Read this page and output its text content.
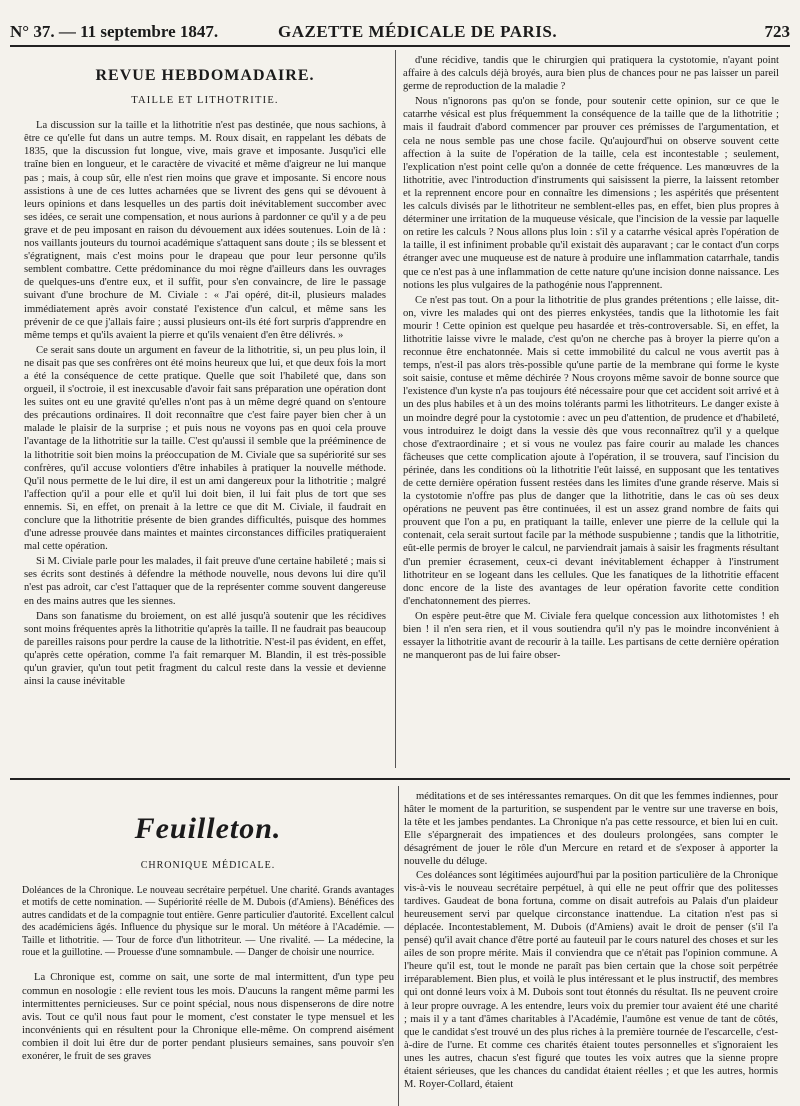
N° 37. — 11 septembre 1847.	GAZETTE MÉDICALE DE PARIS.	723
REVUE HEBDOMADAIRE.
TAILLE ET LITHOTRITIE.

La discussion sur la taille et la lithotritie n'est pas destinée, que nous sachions, à être ce qu'elle fut dans un autre temps. M. Roux disait, en rappelant les débats de 1835, que la discussion fut longue, vive, mais grave et imposante. Jusqu'ici elle traîne bien en longueur, et le caractère de vivacité et même d'aigreur ne lui manque pas ; mais, à coup sûr, elle n'est rien moins que grave et imposante. Si encore nous assistions à une de ces luttes acharnées que se livrent des gens qui se dévouent à leurs opinions et dans lesquelles un des partis doit inévitablement succomber avec ses idées, ce serait une compensation, et nous aurions à pardonner ce qu'il y a de peu grave et de peu imposant en raison du dévouement aux idées soutenues. Loin de là : nos vaillants jouteurs du tournoi académique s'attaquent sans doute ; ils se blessent et s'égratignent, mais c'est moins pour le drapeau que pour leur personne qu'ils semblent combattre. Cette prédominance du moi règne d'ailleurs dans les ouvrages de quelques-uns d'entre eux, et il suffit, pour s'en convaincre, de lire le passage suivant d'une brochure de M. Civiale : « J'ai opéré, dit-il, plusieurs malades immédiatement après avoir constaté l'existence d'un calcul, et même sans les prévenir de ce que j'allais faire ; aussi plusieurs ont-ils été fort surpris d'apprendre en même temps et qu'ils avaient la pierre et qu'ils venaient d'en être délivrés. »

Ce serait sans doute un argument en faveur de la lithotritie, si, un peu plus loin, il ne disait pas que ses confrères ont été moins heureux que lui, et que deux fois la mort a été la conséquence de cette pratique. Quelle que soit l'habileté que, dans son orgueil, il s'octroie, il est inexcusable d'avoir fait sans préparation une opération dont les suites ont eu une gravité qu'elles n'ont pas à un même degré quand on s'entoure des précautions ordinaires. Il doit reconnaître que c'est faire payer bien cher à un malade le plaisir de la surprise ; et puis nous ne voyons pas en quoi cela prouve l'avantage de la lithotritie sur la taille. C'est qu'aussi il semble que la prééminence de la lithotritie soit bien moins la préoccupation de M. Civiale que sa supériorité sur ses confrères, qu'il accuse volontiers d'être inhabiles à pratiquer la nouvelle méthode. Qu'il nous permette de le lui dire, il est un ami dangereux pour la lithotritie ; malgré l'affection qu'il a pour elle et qu'il lui doit bien, il lui fait plus de tort que ses ennemis. Si, en effet, on prenait à la lettre ce que dit M. Civiale, il faudrait en conclure que la lithotritie présente de bien grandes difficultés, puisque des hommes d'une adresse prouvée dans maintes et maintes circonstances difficiles pratiqueraient mal cette opération.

Si M. Civiale parle pour les malades, il fait preuve d'une certaine habileté ; mais si ses écrits sont destinés à défendre la méthode nouvelle, nous devons lui dire qu'il n'est pas adroit, car c'est l'attaquer que de la représenter comme souvent dangereuse en des mains autres que les siennes.

Dans son fanatisme du broiement, on est allé jusqu'à soutenir que les récidives sont moins fréquentes après la lithotritie qu'après la taille. Il ne faudrait pas beaucoup de pareilles raisons pour perdre la cause de la lithotritie. N'est-il pas évident, en effet, qu'après cette opération, comme l'a fait remarquer M. Blandin, il est très-possible qu'un gravier, qu'un tout petit fragment du calcul reste dans la vessie et devienne ainsi la cause inévitable

d'une récidive, tandis que le chirurgien qui pratiquera la cystotomie, n'ayant point affaire à des calculs déjà broyés, aura bien plus de chances pour ne pas laisser un pareil germe de reproduction de la maladie ?

Nous n'ignorons pas qu'on se fonde, pour soutenir cette opinion, sur ce que le catarrhe vésical est plus fréquemment la conséquence de la taille que de la lithotritie ; mais il faudrait d'abord commencer par prouver ces prémisses de l'argumentation, et cela ne nous semble pas une chose facile. Qu'aujourd'hui on observe souvent cette affection à la suite de l'opération de la taille, cela est incontestable ; seulement, l'explication n'est point celle qu'on a donnée de cette fréquence. Les manœuvres de la lithotritie, avec l'introduction d'instruments qui saisissent la pierre, la laissent retomber et la reprennent encore pour en connaître les dimensions ; les aspérités que présentent les calculs divisés par le lithotriteur ne semblent-elles pas, en effet, bien plus propres à déterminer une irritation de la muqueuse vésicale, que l'incision de la vessie par laquelle on retire les calculs ? Nous allons plus loin : s'il y a catarrhe vésical après l'opération de la taille, il est infiniment probable qu'il existait dès auparavant ; car le contact d'un corps étranger avec une muqueuse est de nature à produire une inflammation catarrhale, tandis que ce n'est pas à une inflammation de cette nature qu'une incision donne naissance. Les notions les plus vulgaires de la pathogénie nous l'apprennent.

Ce n'est pas tout. On a pour la lithotritie de plus grandes prétentions ; elle laisse, dit-on, vivre les malades qui ont des pierres enkystées, tandis que la lithotomie les fait mourir ! Cette opinion est quelque peu hasardée et très-controversable. Si, en effet, la lithotritie laisse vivre le malade, c'est qu'on ne cherche pas à broyer la pierre qu'on a reconnue être enchatonnée. Mais si cette immobilité du calcul ne vous avertit pas à temps, n'est-il pas alors très-possible qu'une partie de la membrane qui forme le kyste soit saisie, contuse et même déchirée ? Nous croyons même savoir de bonne source que l'existence d'un kyste n'a pas toujours été nécessaire pour que cet accident soit arrivé et à un des plus habiles et à un des moins tolérants parmi les lithotriteurs. Le danger existe à un moindre degré pour la cystotomie : avec un peu d'attention, de prudence et d'habileté, vous introduirez le doigt dans la vessie dès que vous reconnaîtrez qu'il y a quelque chose d'extraordinaire ; et si vous ne voulez pas faire courir au malade les chances fâcheuses que cette complication ajoute à l'opération, il se trouvera, sauf l'incision du périnée, dans les conditions où la lithotritie l'eût laissé, en supposant que les tentatives de cette dernière opération fussent restées dans les limites d'une grande réserve. Mais si la cystotomie n'offre pas plus de danger que la lithotritie, dans le cas où ses deux opérations ne peuvent pas être continuées, il est un assez grand nombre de faits qui prouvent que l'on a pu, en pratiquant la taille, enlever une pierre de la cellule qui la contenait, cela serait surtout facile par la méthode suspubienne ; tandis que la lithotritie, eût-elle permis de broyer le calcul, ne parviendrait jamais à saisir les fragments résultant d'un premier écrasement, ceux-ci devant inévitablement échapper à l'instrument lithotriteur en se logeant dans les cellules. Que les fanatiques de la lithotritie effacent donc encore de la liste des avantages de leur opération favorite cette condition d'enchatonnement des pierres.

On espère peut-être que M. Civiale fera quelque concession aux lithotomistes ! eh bien ! il n'en sera rien, et il vous soutiendra qu'il n'y pas le moindre inconvénient à essayer la lithotritie avant de recourir à la taille. Les partisans de cette dernière opération ne manqueront pas de lui faire obser-

Feuilleton.
CHRONIQUE MÉDICALE.
Doléances de la Chronique. Le nouveau secrétaire perpétuel. Une charité. Grands avantages et motifs de cette nomination. — Supériorité réelle de M. Dubois (d'Amiens). Bénéfices des autres candidats et de la compagnie tout entière. Genre particulier d'autorité. Excellent calcul des académiciens âgés. Influence du physique sur le moral. Un météore à l'Académie. — Taille et lithotritie. — Tour de force d'un lithotriteur. — Une rivalité. — La médecine, la roue et la guillotine. — Prouesse d'une somnambule. — Danger de choisir une nourrice.

La Chronique est, comme on sait, une sorte de mal intermittent, d'un type peu commun en nosologie : elle revient tous les mois. D'aucuns la rangent même parmi les intermittentes pernicieuses. Sur ce point spécial, nous nous dispenserons de dire notre avis. Tout ce qu'il nous faut pour le moment, c'est constater le type mensuel et les inconvénients qui en résultent pour la Chronique elle-même. On comprend aisément combien il doit lui être dur de porter pendant plusieurs semaines, sans pouvoir s'en exonérer, le fruit de ses graves

méditations et de ses intéressantes remarques. On dit que les femmes indiennes, pour hâter le moment de la parturition, se suspendent par le ventre sur une traverse en bois, la tête et les jambes pendantes. La Chronique n'a pas cette ressource, et bien lui en cuit. Elle s'épargnerait des impatiences et des douleurs prolongées, sans compter le désagrément de jouer le rôle d'un Mercure en retard et de s'exposer à apporter la nouvelle du déluge.

Ces doléances sont légitimées aujourd'hui par la position particulière de la Chronique vis-à-vis le nouveau secrétaire perpétuel, à qui elle ne peut offrir que des politesses tardives. Gaudeat de bona fortuna, comme on disait autrefois au Palais d'un plaideur heureusement servi par quelque circonstance inattendue. La citation n'est pas si déplacée. Incontestablement, M. Dubois (d'Amiens) avait le droit de penser (s'il l'a pensé) qu'il avait chance d'être porté au fauteuil par le cours naturel des choses et sur les ailes de son propre mérite. Mais il conviendra que ce n'était pas l'opinion commune. A l'heure qu'il est, tout le monde ne paraît pas bien certain que la chose soit perpétrée irréparablement. Bien plus, et voilà le plus intéressant et le plus instructif, des membres qui ont donné leurs voix à M. Dubois sont tout étonnés du résultat. Ils ne peuvent croire à leur propre ouvrage. A les entendre, leurs voix du premier tour avaient été une charité ; mais il y a tant d'âmes charitables à l'Académie, l'aumône est venue de tant de côtés, que le candidat s'est trouvé un des plus riches à la première tournée de l'escarcelle, c'est-à-dire de l'urne. Et comme ces charités étaient toutes personnelles et s'ignoraient les unes les autres, chacun s'est figuré que toutes les voix autres que la sienne propre étaient sérieuses, que les chances du candidat étaient réelles ; et que les autres, hormis M. Royer-Collard, étaient
